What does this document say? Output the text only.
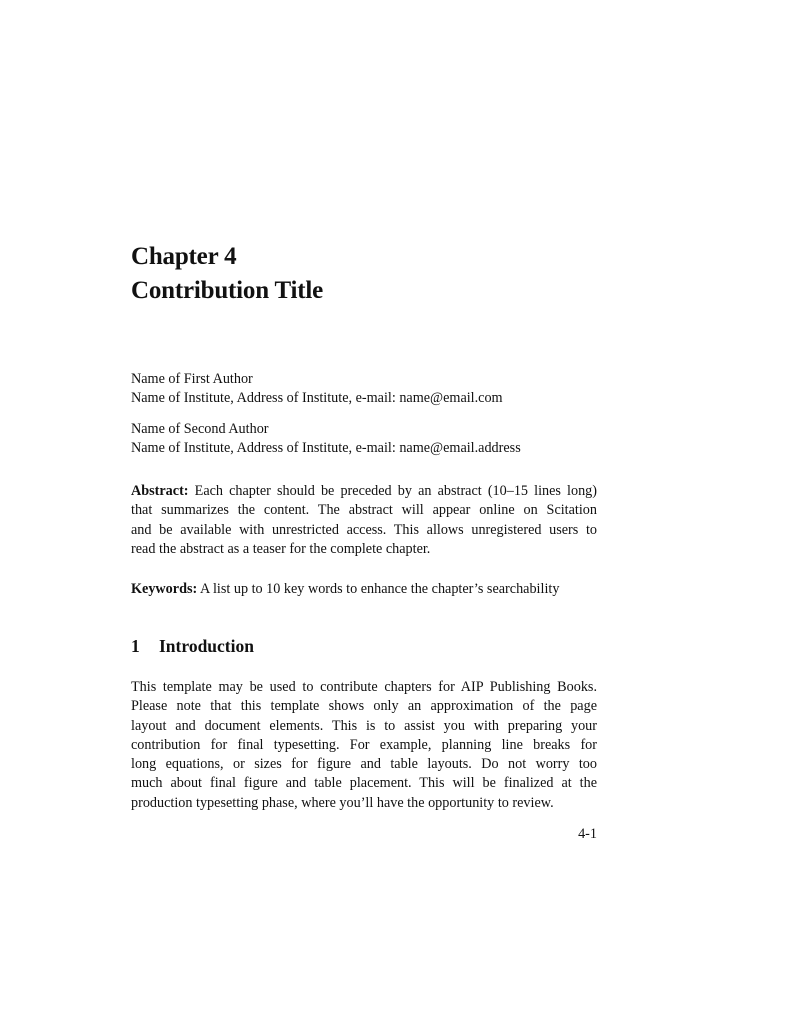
Chapter 4
Contribution Title
Name of First Author
Name of Institute, Address of Institute, e-mail: name@email.com
Name of Second Author
Name of Institute, Address of Institute, e-mail: name@email.address
Abstract: Each chapter should be preceded by an abstract (10–15 lines long)
that summarizes the content. The abstract will appear online on Scitation
and be available with unrestricted access. This allows unregistered users to
read the abstract as a teaser for the complete chapter.
Keywords: A list up to 10 key words to enhance the chapter’s searchability
1 Introduction
This template may be used to contribute chapters for AIP Publishing Books.
Please note that this template shows only an approximation of the page
layout and document elements. This is to assist you with preparing your
contribution for final typesetting. For example, planning line breaks for
long equations, or sizes for figure and table layouts. Do not worry too
much about final figure and table placement. This will be finalized at the
production typesetting phase, where you’ll have the opportunity to review.
4-1
